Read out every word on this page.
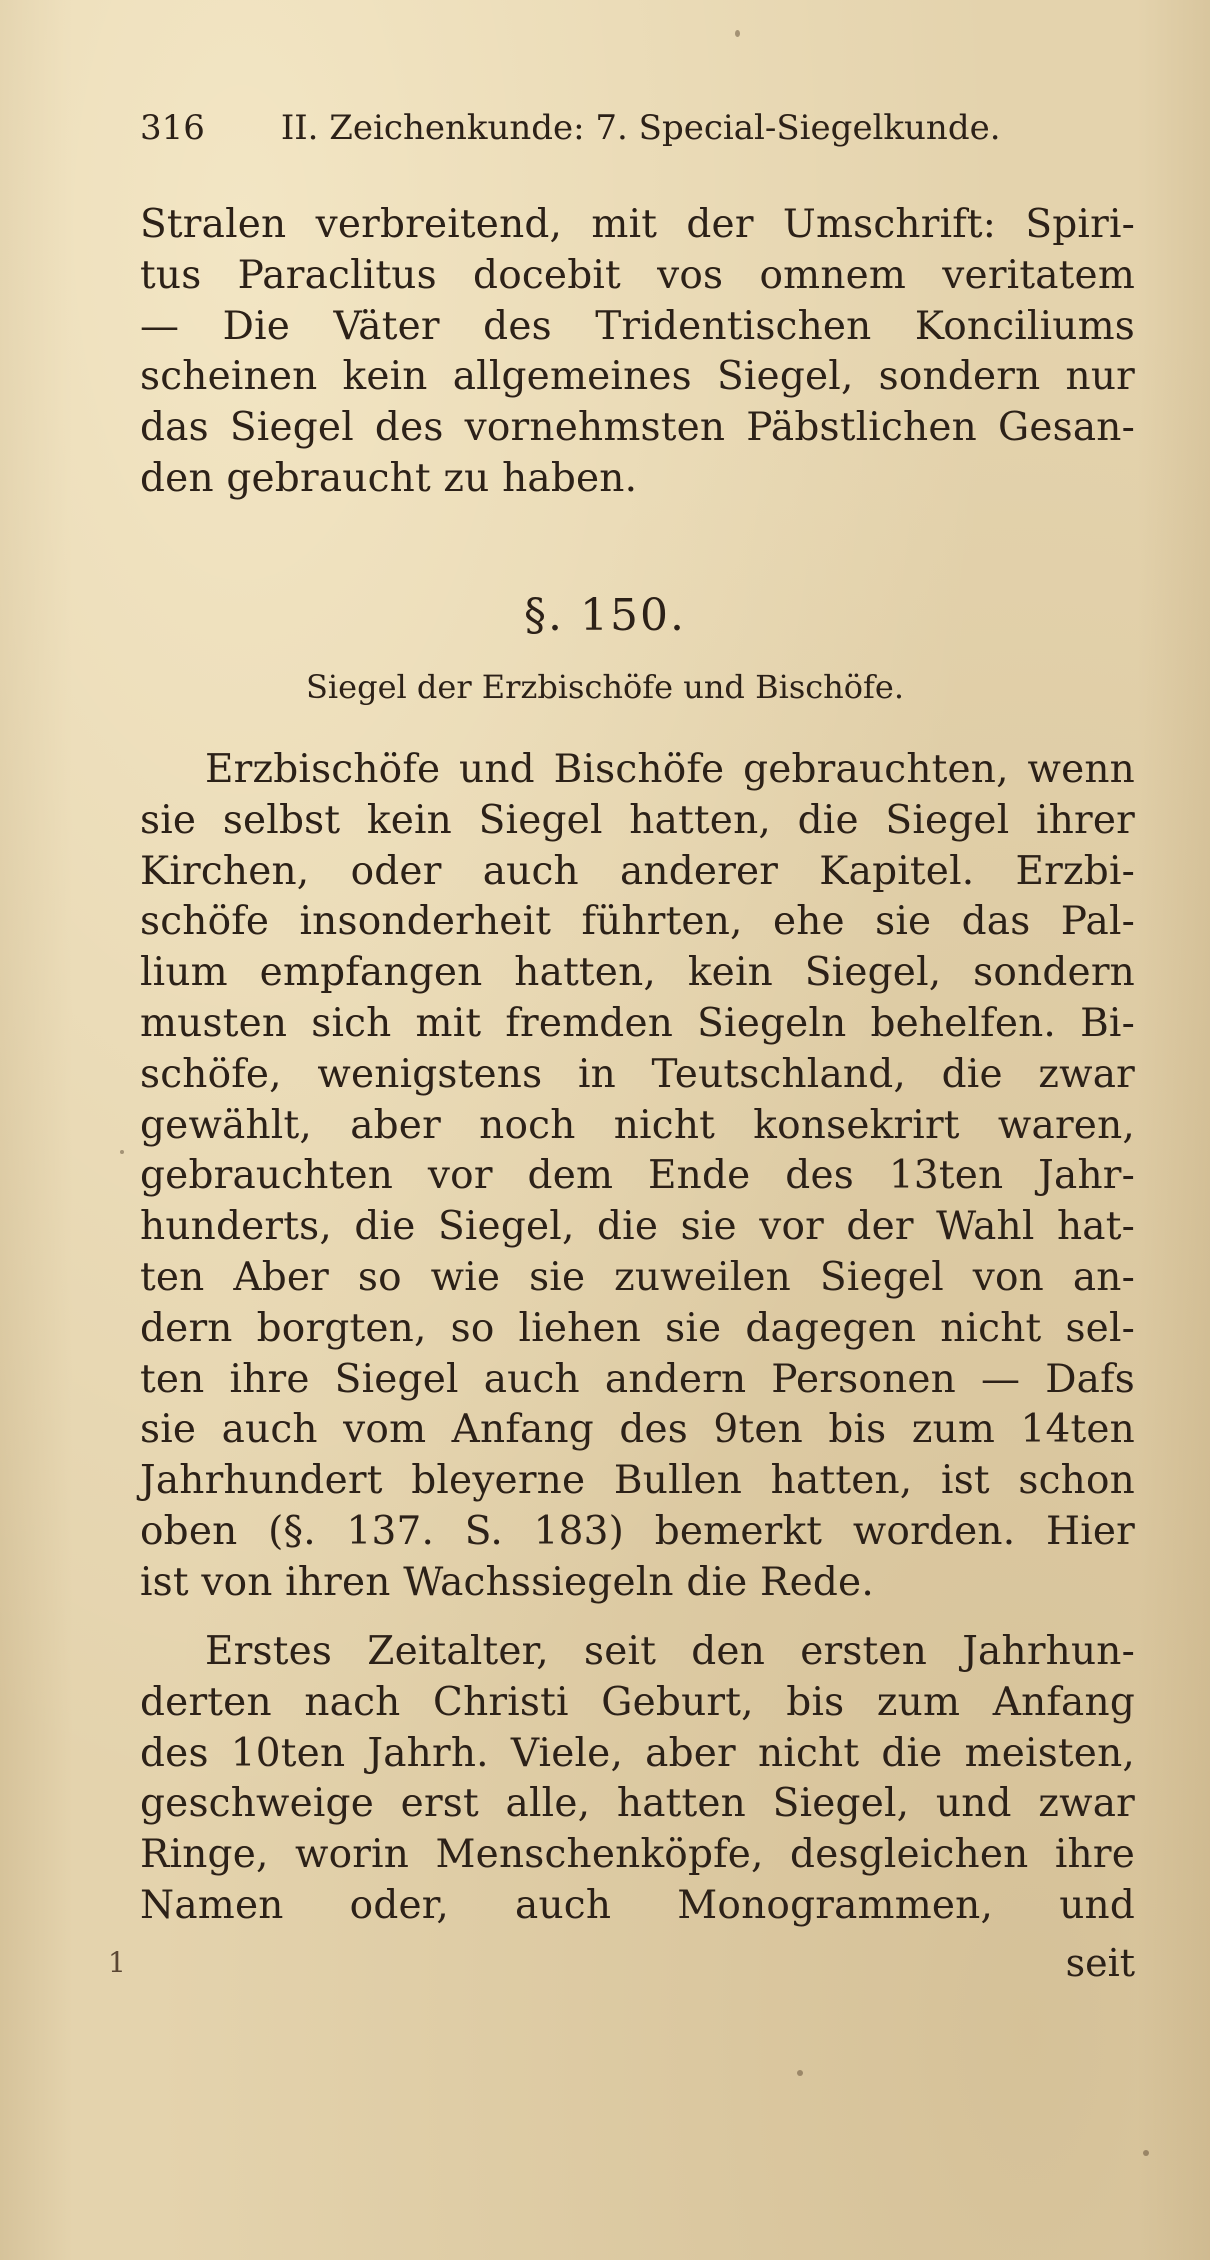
316 II. Zeichenkunde: 7. Special-Siegelkunde.
Stralen verbreitend, mit der Umschrift: Spiri-
tus Paraclitus docebit vos omnem veritatem
— Die Väter des Tridentischen Konciliums
scheinen kein allgemeines Siegel, sondern nur
das Siegel des vornehmsten Päbstlichen Gesan-
den gebraucht zu haben.
§. 150.
Siegel der Erzbischöfe und Bischöfe.
Erzbischöfe und Bischöfe gebrauchten, wenn
sie selbst kein Siegel hatten, die Siegel ihrer
Kirchen, oder auch anderer Kapitel. Erzbi-
schöfe insonderheit führten, ehe sie das Pal-
lium empfangen hatten, kein Siegel, sondern
musten sich mit fremden Siegeln behelfen. Bi-
schöfe, wenigstens in Teutschland, die zwar
gewählt, aber noch nicht konsekrirt waren,
gebrauchten vor dem Ende des 13ten Jahr-
hunderts, die Siegel, die sie vor der Wahl hat-
ten Aber so wie sie zuweilen Siegel von an-
dern borgten, so liehen sie dagegen nicht sel-
ten ihre Siegel auch andern Personen — Dafs
sie auch vom Anfang des 9ten bis zum 14ten
Jahrhundert bleyerne Bullen hatten, ist schon
oben (§. 137. S. 183) bemerkt worden. Hier
ist von ihren Wachssiegeln die Rede.
Erstes Zeitalter, seit den ersten Jahrhun-
derten nach Christi Geburt, bis zum Anfang
des 10ten Jahrh. Viele, aber nicht die meisten,
geschweige erst alle, hatten Siegel, und zwar
Ringe, worin Menschenköpfe, desgleichen ihre
Namen oder, auch Monogrammen, und
1	seit
